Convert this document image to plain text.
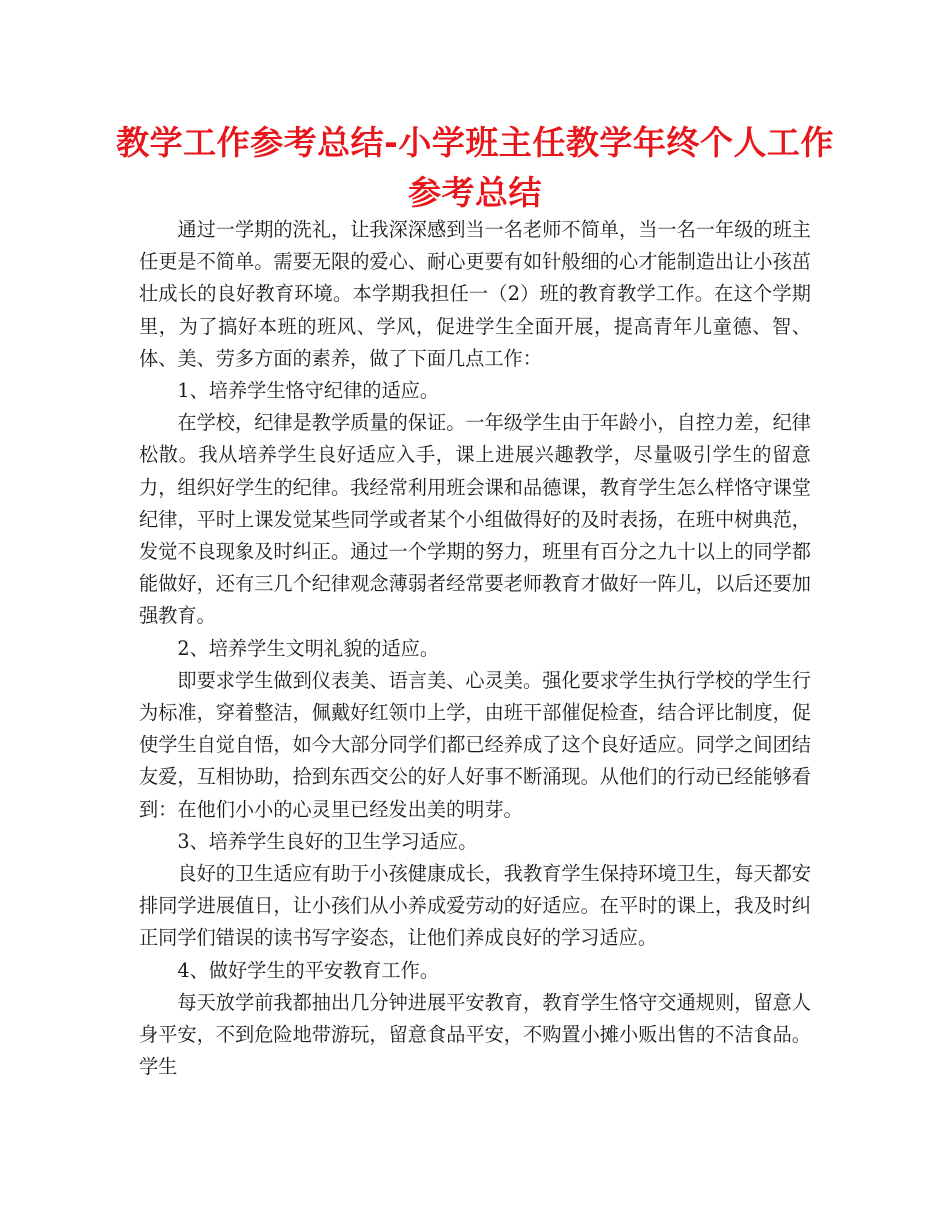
教学工作参考总结-小学班主任教学年终个人工作参考总结

通过一学期的洗礼，让我深深感到当一名老师不简单，当一名一年级的班主任更是不简单。需要无限的爱心、耐心更要有如针般细的心才能制造出让小孩茁壮成长的良好教育环境。本学期我担任一（2）班的教育教学工作。在这个学期里，为了搞好本班的班风、学风，促进学生全面开展，提高青年儿童德、智、体、美、劳多方面的素养，做了下面几点工作：

1、培养学生恪守纪律的适应。

在学校，纪律是教学质量的保证。一年级学生由于年龄小，自控力差，纪律松散。我从培养学生良好适应入手，课上进展兴趣教学，尽量吸引学生的留意力，组织好学生的纪律。我经常利用班会课和品德课，教育学生怎么样恪守课堂纪律，平时上课发觉某些同学或者某个小组做得好的及时表扬，在班中树典范，发觉不良现象及时纠正。通过一个学期的努力，班里有百分之九十以上的同学都能做好，还有三几个纪律观念薄弱者经常要老师教育才做好一阵儿，以后还要加强教育。

2、培养学生文明礼貌的适应。

即要求学生做到仪表美、语言美、心灵美。强化要求学生执行学校的学生行为标准，穿着整洁，佩戴好红领巾上学，由班干部催促检查，结合评比制度，促使学生自觉自悟，如今大部分同学们都已经养成了这个良好适应。同学之间团结友爱，互相协助，拾到东西交公的好人好事不断涌现。从他们的行动已经能够看到：在他们小小的心灵里已经发出美的明芽。

3、培养学生良好的卫生学习适应。

良好的卫生适应有助于小孩健康成长，我教育学生保持环境卫生，每天都安排同学进展值日，让小孩们从小养成爱劳动的好适应。在平时的课上，我及时纠正同学们错误的读书写字姿态，让他们养成良好的学习适应。

4、做好学生的平安教育工作。

每天放学前我都抽出几分钟进展平安教育，教育学生恪守交通规则，留意人身平安，不到危险地带游玩，留意食品平安，不购置小摊小贩出售的不洁食品。学生
